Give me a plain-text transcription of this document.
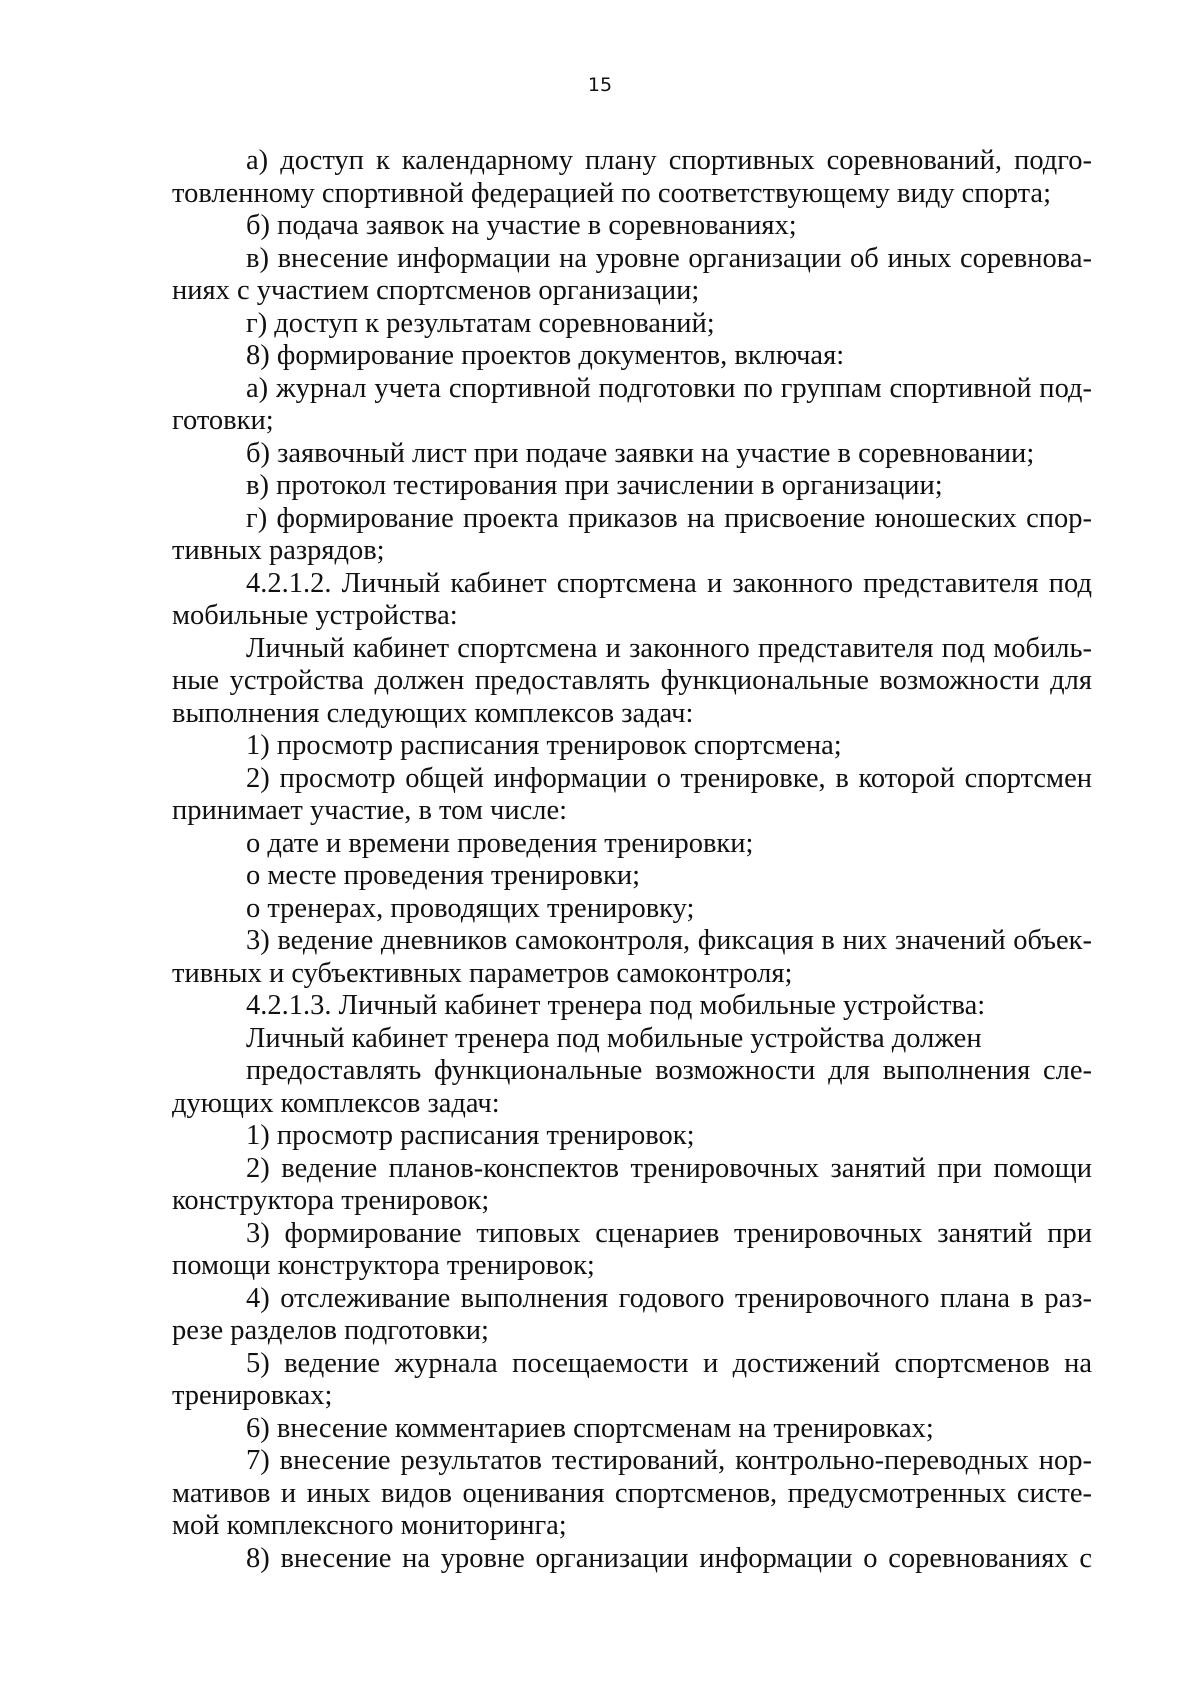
15

а) доступ к календарному плану спортивных соревнований, подготовленному спортивной федерацией по соответствующему виду спорта;

б) подача заявок на участие в соревнованиях;

в) внесение информации на уровне организации об иных соревнованиях с участием спортсменов организации;

г) доступ к результатам соревнований;

8) формирование проектов документов, включая:

а) журнал учета спортивной подготовки по группам спортивной подготовки;

б) заявочный лист при подаче заявки на участие в соревновании;

в) протокол тестирования при зачислении в организации;

г) формирование проекта приказов на присвоение юношеских спортивных разрядов;

4.2.1.2. Личный кабинет спортсмена и законного представителя под мобильные устройства:

Личный кабинет спортсмена и законного представителя под мобильные устройства должен предоставлять функциональные возможности для выполнения следующих комплексов задач:

1) просмотр расписания тренировок спортсмена;

2) просмотр общей информации о тренировке, в которой спортсмен принимает участие, в том числе:

о дате и времени проведения тренировки;

о месте проведения тренировки;

о тренерах, проводящих тренировку;

3) ведение дневников самоконтроля, фиксация в них значений объективных и субъективных параметров самоконтроля;

4.2.1.3. Личный кабинет тренера под мобильные устройства:

Личный кабинет тренера под мобильные устройства должен

предоставлять функциональные возможности для выполнения следующих комплексов задач:

1) просмотр расписания тренировок;

2) ведение планов-конспектов тренировочных занятий при помощи конструктора тренировок;

3) формирование типовых сценариев тренировочных занятий при помощи конструктора тренировок;

4) отслеживание выполнения годового тренировочного плана в разрезе разделов подготовки;

5) ведение журнала посещаемости и достижений спортсменов на тренировках;

6) внесение комментариев спортсменам на тренировках;

7) внесение результатов тестирований, контрольно-переводных нормативов и иных видов оценивания спортсменов, предусмотренных системой комплексного мониторинга;

8) внесение на уровне организации информации о соревнованиях с
